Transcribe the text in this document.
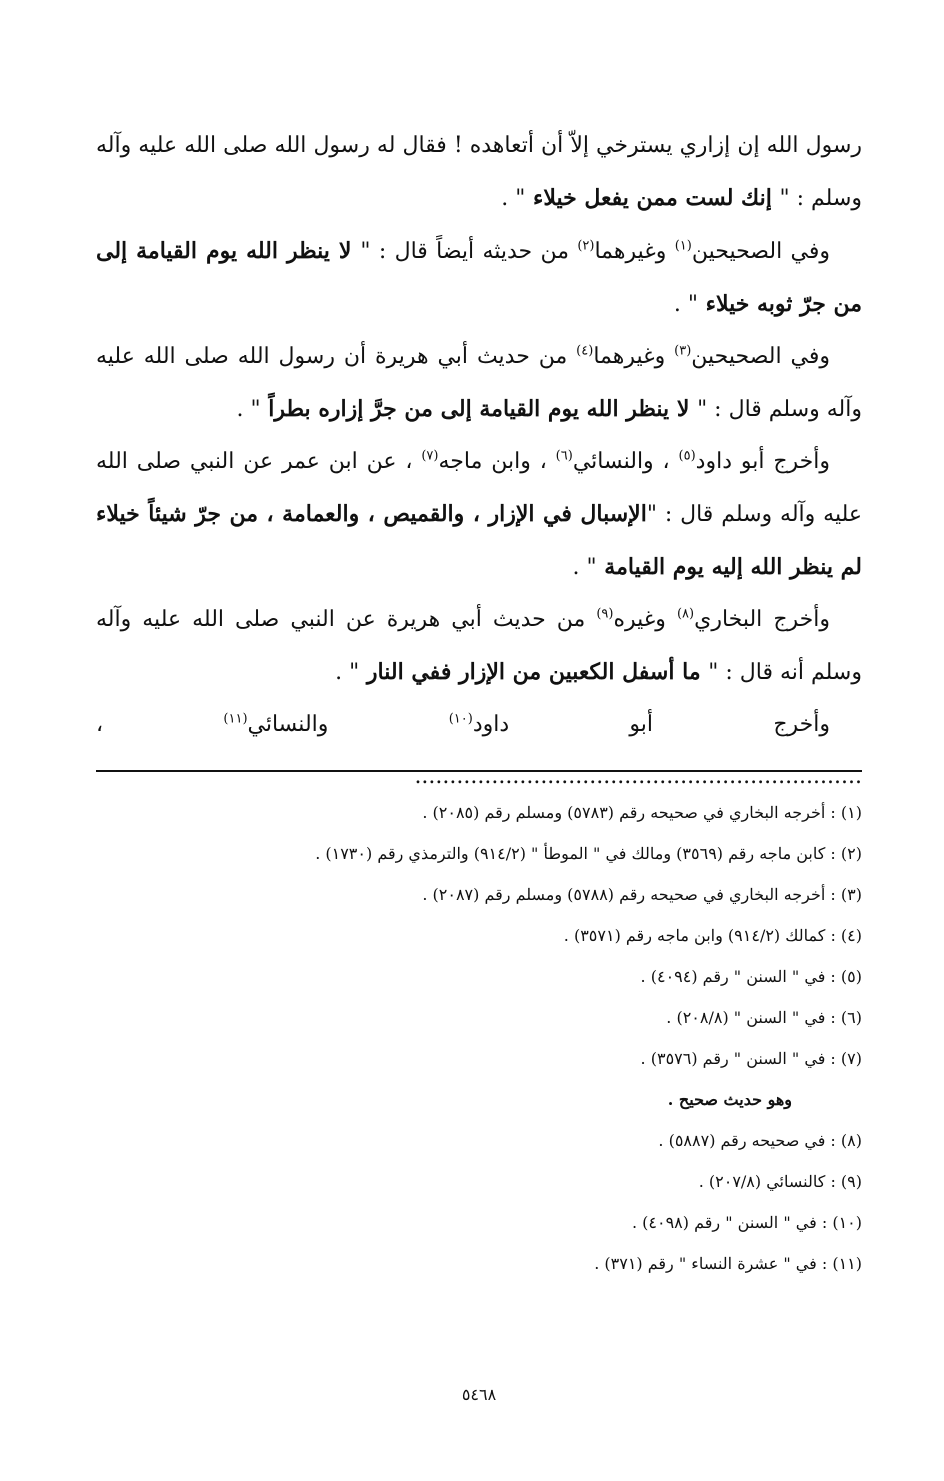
رسول الله إن إزاري يسترخي إلاّ أن أتعاهده ! فقال له رسول الله صلى الله عليه وآله وسلم : " إنك لست ممن يفعل خيلاء " .

وفي الصحيحين$^{(١)}$ وغيرهما$^{(٢)}$ من حديثه أيضاً قال : " لا ينظر الله يوم القيامة إلى من جرّ ثوبه خيلاء " .

وفي الصحيحين$^{(٣)}$ وغيرهما$^{(٤)}$ من حديث أبي هريرة أن رسول الله صلى الله عليه وآله وسلم قال : " لا ينظر الله يوم القيامة إلى من جرَّ إزاره بطراً " .

وأخرج أبو داود$^{(٥)}$ ، والنسائي$^{(٦)}$ ، وابن ماجه$^{(٧)}$ ، عن ابن عمر عن النبي صلى الله عليه وآله وسلم قال : "الإسبال في الإزار ، والقميص ، والعمامة ، من جرّ شيئاً خيلاء لم ينظر الله إليه يوم القيامة " .

وأخرج البخاري$^{(٨)}$ وغيره$^{(٩)}$ من حديث أبي هريرة عن النبي صلى الله عليه وآله وسلم أنه قال : " ما أسفل الكعبين من الإزار ففي النار " .

وأخرج أبو داود$^{(١٠)}$ والنسائي$^{(١١)}$ ، ................................................................

(١) : أخرجه البخاري في صحيحه رقم (٥٧٨٣) ومسلم رقم (٢٠٨٥) .

(٢) : كابن ماجه رقم (٣٥٦٩) ومالك في " الموطأ " (٩١٤/٢) والترمذي رقم (١٧٣٠) .

(٣) : أخرجه البخاري في صحيحه رقم (٥٧٨٨) ومسلم رقم (٢٠٨٧) .

(٤) : كمالك (٩١٤/٢) وابن ماجه رقم (٣٥٧١) .

(٥) : في " السنن " رقم (٤٠٩٤) .

(٦) : في " السنن " (٢٠٨/٨) .

(٧) : في " السنن " رقم (٣٥٧٦) .

وهو حديث صحيح .

(٨) : في صحيحه رقم (٥٨٨٧) .

(٩) : كالنسائي (٢٠٧/٨) .

(١٠) : في " السنن " رقم (٤٠٩٨) .

(١١) : في " عشرة النساء " رقم (٣٧١) .

٥٤٦٨
